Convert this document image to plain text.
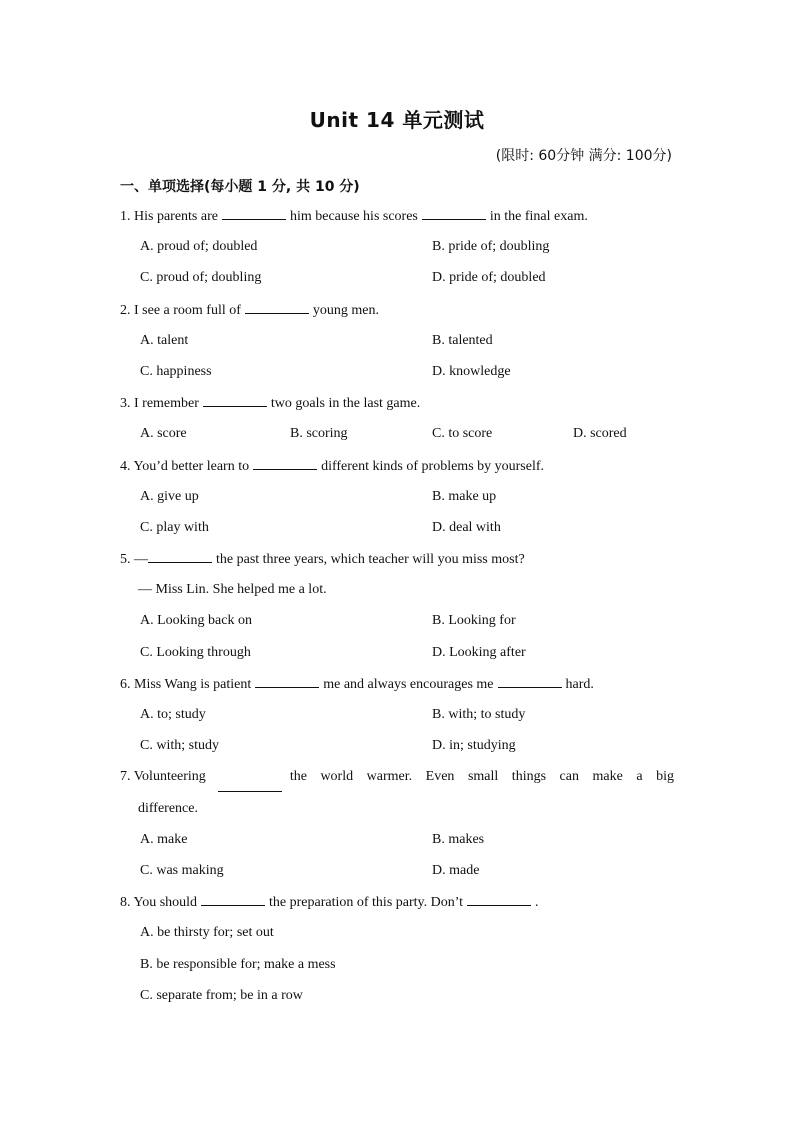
Unit 14 单元测试
(限时: 60分钟 满分: 100分)
一、单项选择(每小题 1 分, 共 10 分)
1. His parents are	him because his scores	in the final exam.
A. proud of; doubled	B. pride of; doubling
C. proud of; doubling	D. pride of; doubled
2. I see a room full of	young men.
A. talent	B. talented
C. happiness	D. knowledge
3. I remember	two goals in the last game.
A. score	B. scoring	C. to score	D. scored
4. You’d better learn to	different kinds of problems by yourself.
A. give up	B. make up
C. play with	D. deal with
5. —	the past three years, which teacher will you miss most?
— Miss Lin. She helped me a lot.
A. Looking back on	B. Looking for
C. Looking through	D. Looking after
6. Miss Wang is patient	me and always encourages me	hard.
A. to; study	B. with; to study
C. with; study	D. in; studying
7. Volunteering	the world warmer. Even small things can make a big
difference.
A. make	B. makes
C. was making	D. made
8. You should	the preparation of this party. Don’t	.
A. be thirsty for; set out
B. be responsible for; make a mess
C. separate from; be in a row
